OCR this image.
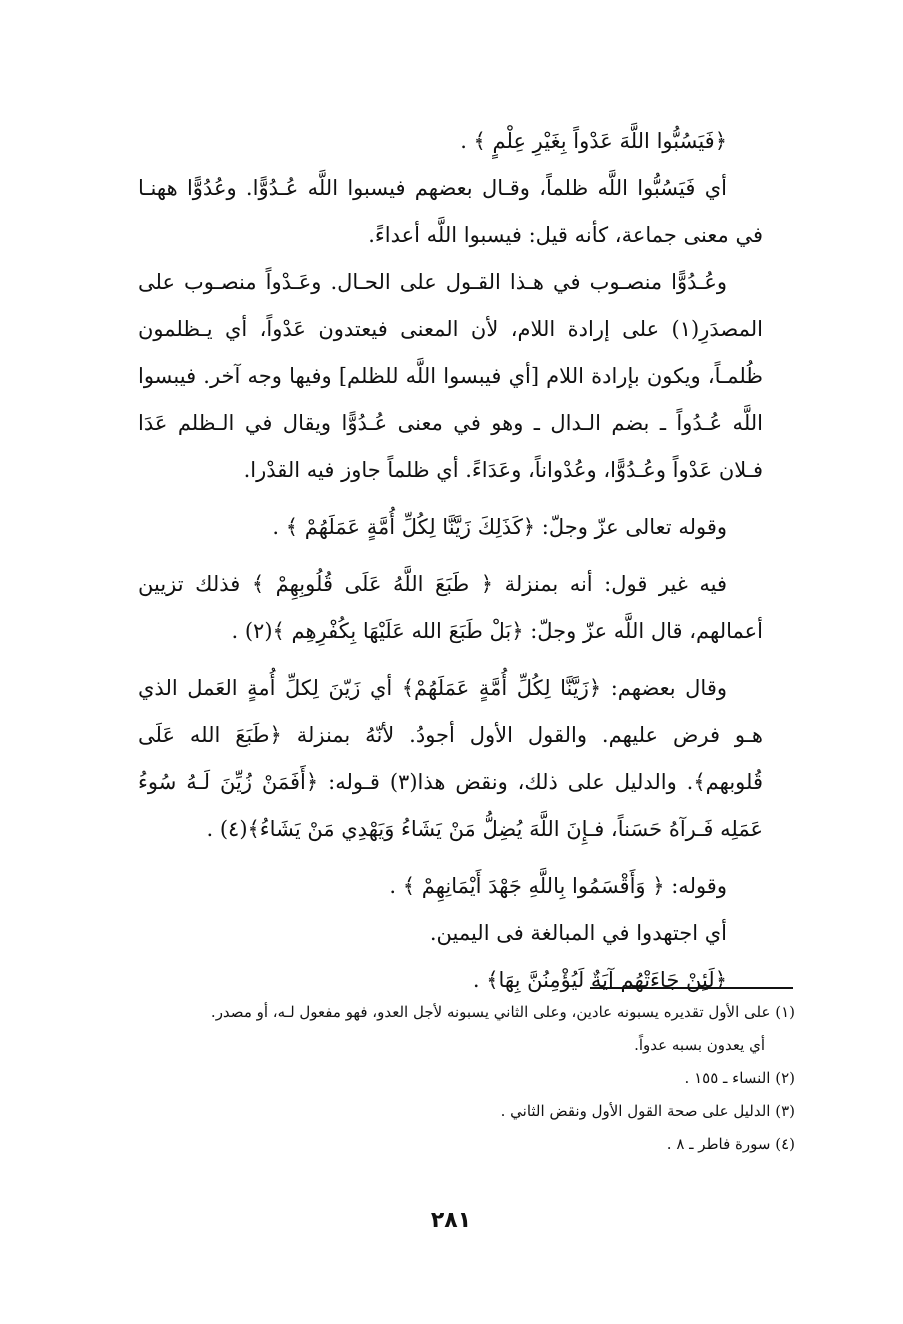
﴿فَيَسُبُّوا اللَّهَ عَدْواً بِغَيْرِ عِلْمٍ ﴾ .

أي فَيَسُبُّوا اللَّه ظلماً، وقـال بعضهم فيسبوا اللَّه عُـدُوًّا. وعُدُوًّا ههنـا في معنى جماعة، كأنه قيل: فيسبوا اللَّه أعداءً.

وعُـدُوًّا منصـوب في هـذا القـول على الحـال. وعَـدْواً منصـوب على المصدَرِ(١) على إرادة اللام، لأن المعنى فيعتدون عَدْواً، أي يـظلمون ظُلمـاً، ويكون بإرادة اللام [أي فيبسوا اللَّه للظلم] وفيها وجه آخر. فيبسوا اللَّه عُـدُواً ـ بضم الـدال ـ وهو في معنى عُـدُوًّا ويقال في الـظلم عَدَا فـلان عَدْواً وعُـدُوًّا، وعُدْواناً، وعَدَاءً. أي ظلماً جاوز فيه القدْرا.

وقوله تعالى عزّ وجلّ: ﴿كَذَلِكَ زَيَّنَّا لِكُلِّ أُمَّةٍ عَمَلَهُمْ ﴾ .

فيه غير قول: أنه بمنزلة ﴿ طَبَعَ اللَّهُ عَلَى قُلُوبِهِمْ ﴾ فذلك تزيين أعمالهم، قال اللَّه عزّ وجلّ: ﴿بَلْ طَبَعَ الله عَلَيْهَا بِكُفْرِهِم ﴾(٢) .

وقال بعضهم: ﴿زَيَّنَّا لِكُلِّ أُمَّةٍ عَمَلَهُمْ﴾ أي زَيّنَ لِكلِّ أُمةٍ العَمل الذي هـو فرض عليهم. والقول الأول أجودُ. لأنّهُ بمنزلة ﴿طَبَعَ الله عَلَى قُلوبهم﴾. والدليل على ذلك، ونقض هذا(٣) قـوله: ﴿أَفَمَنْ زُيِّنَ لَـهُ سُوءُ عَمَلِه فَـرآهُ حَسَناً، فـإِنَ اللَّهَ يُضِلُّ مَنْ يَشَاءُ وَيَهْدِي مَنْ يَشَاءُ﴾(٤) .

وقوله: ﴿ وَأَقْسَمُوا بِاللَّهِ جَهْدَ أَيْمَانِهِمْ ﴾ .

أي اجتهدوا في المبالغة فى اليمين.

﴿لَئِنْ جَاءَتْهُم آيَةٌ لَيُؤْمِنُنَّ بِهَا﴾ .

(١) على الأول تقديره يسبونه عادين، وعلى الثاني يسبونه لأجل العدو، فهو مفعول لـه، أو مصدر.

أي يعدون بسبه عدواً.

(٢) النساء ـ ١٥٥ .

(٣) الدليل على صحة القول الأول ونقض الثاني .

(٤) سورة فاطر ـ ٨ .

٢٨١
